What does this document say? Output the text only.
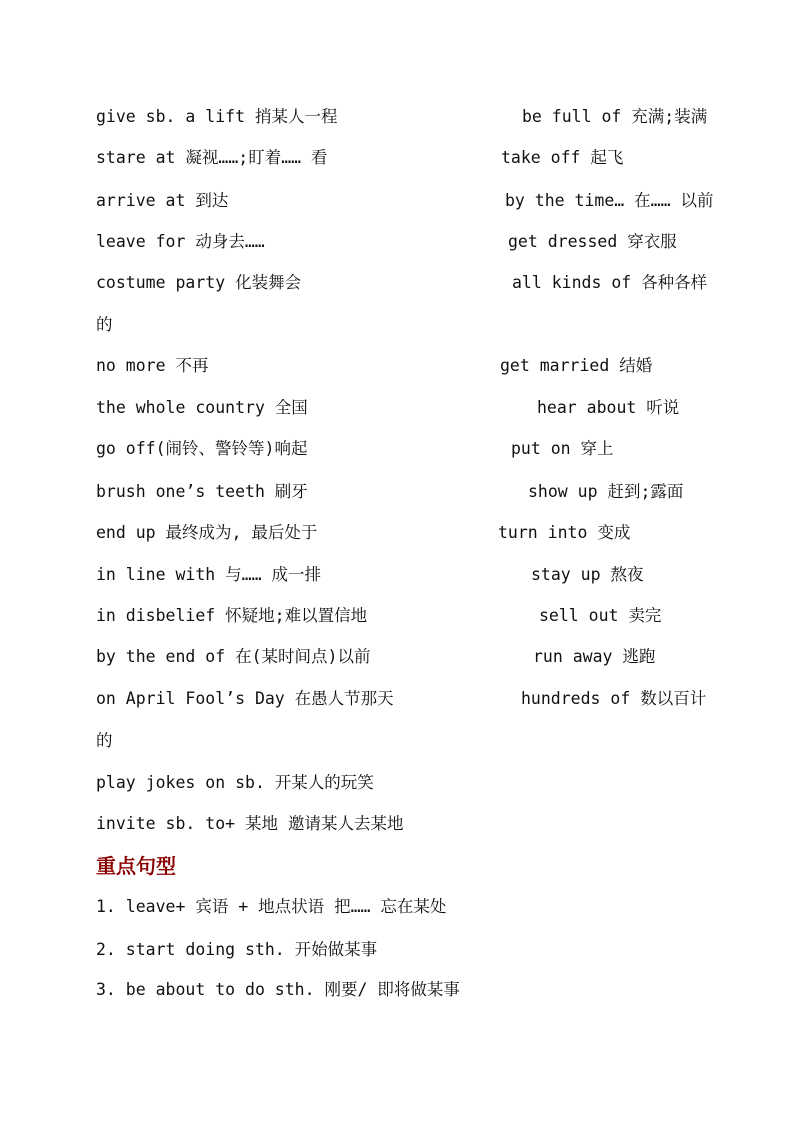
give sb. a lift 捎某人一程	be full of 充满;装满
stare at 凝视……;盯着…… 看	take off 起飞
arrive at 到达	by the time… 在…… 以前
leave for 动身去……	get dressed 穿衣服
costume party 化装舞会	all kinds of 各种各样
的
no more 不再	get married 结婚
the whole country 全国	hear about 听说
go off(闹铃、警铃等)响起	put on 穿上
brush one’s teeth 刷牙	show up 赶到;露面
end up 最终成为, 最后处于	turn into 变成
in line with 与…… 成一排	stay up 熬夜
in disbelief 怀疑地;难以置信地	sell out 卖完
by the end of 在(某时间点)以前	run away 逃跑
on April Fool’s Day 在愚人节那天	hundreds of 数以百计
的
play jokes on sb. 开某人的玩笑
invite sb. to+ 某地 邀请某人去某地
重点句型
1. leave+ 宾语 + 地点状语 把…… 忘在某处
2. start doing sth. 开始做某事
3. be about to do sth. 刚要/ 即将做某事
